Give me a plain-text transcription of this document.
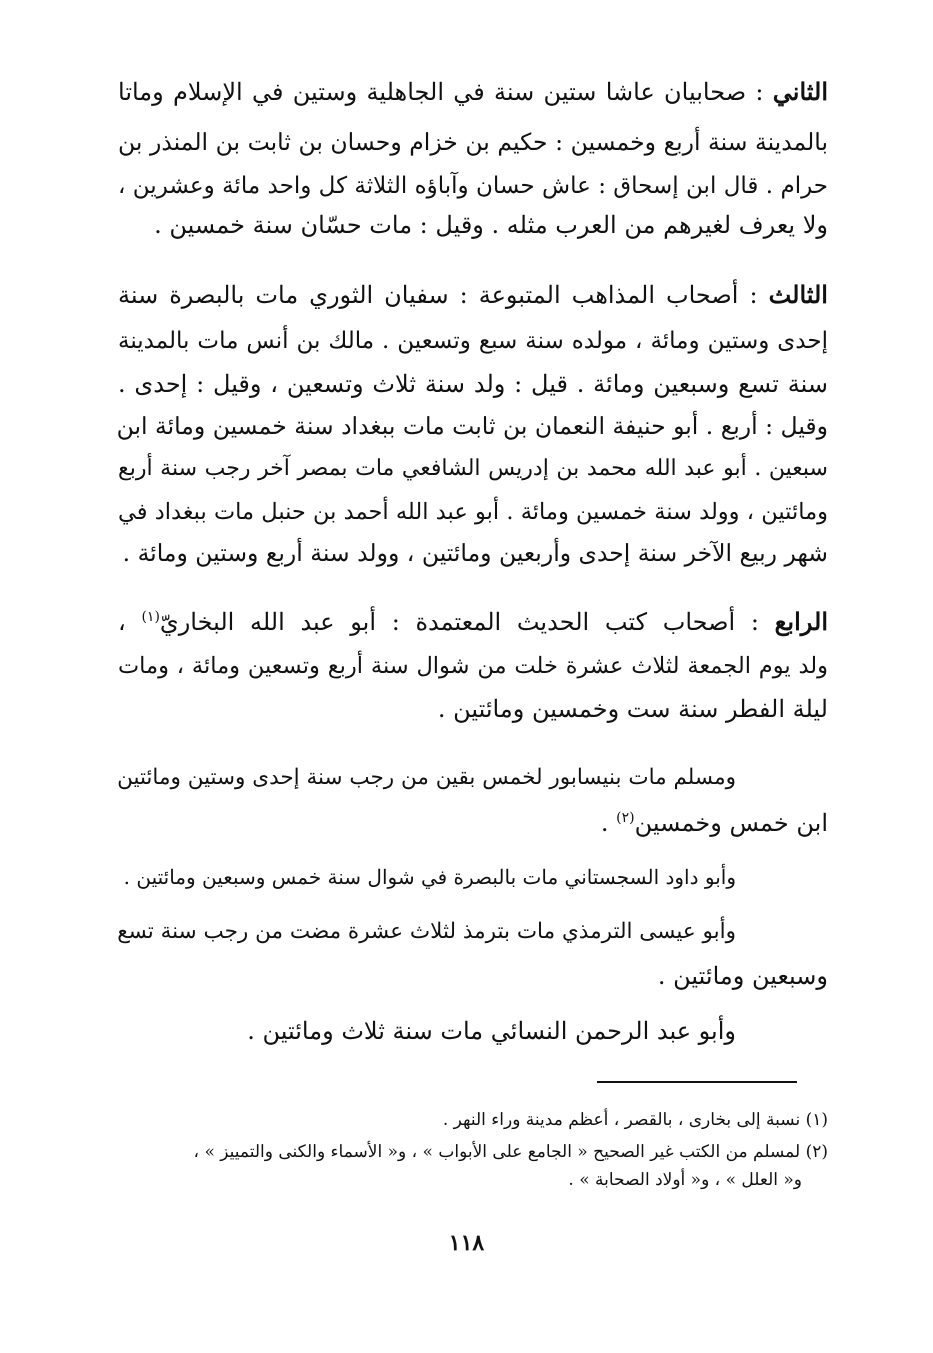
الثاني : صحابيان عاشا ستين سنة في الجاهلية وستين في الإسلام وماتا
بالمدينة سنة أربع وخمسين : حكيم بن خزام وحسان بن ثابت بن المنذر بن
حرام . قال ابن إسحاق : عاش حسان وآباؤه الثلاثة كل واحد مائة وعشرين ،
ولا يعرف لغيرهم من العرب مثله . وقيل : مات حسّان سنة خمسين .
الثالث : أصحاب المذاهب المتبوعة : سفيان الثوري مات بالبصرة سنة
إحدى وستين ومائة ، مولده سنة سبع وتسعين . مالك بن أنس مات بالمدينة
سنة تسع وسبعين ومائة . قيل : ولد سنة ثلاث وتسعين ، وقيل : إحدى .
وقيل : أربع . أبو حنيفة النعمان بن ثابت مات ببغداد سنة خمسين ومائة ابن
سبعين . أبو عبد الله محمد بن إدريس الشافعي مات بمصر آخر رجب سنة أربع
ومائتين ، وولد سنة خمسين ومائة . أبو عبد الله أحمد بن حنبل مات ببغداد في
شهر ربيع الآخر سنة إحدى وأربعين ومائتين ، وولد سنة أربع وستين ومائة .
الرابع : أصحاب كتب الحديث المعتمدة : أبو عبد الله البخاريّ$^{(١)}$ ،
ولد يوم الجمعة لثلاث عشرة خلت من شوال سنة أربع وتسعين ومائة ، ومات
ليلة الفطر سنة ست وخمسين ومائتين .
ومسلم مات بنيسابور لخمس بقين من رجب سنة إحدى وستين ومائتين
ابن خمس وخمسين$^{(٢)}$ .
وأبو داود السجستاني مات بالبصرة في شوال سنة خمس وسبعين ومائتين .
وأبو عيسى الترمذي مات بترمذ لثلاث عشرة مضت من رجب سنة تسع
وسبعين ومائتين .
وأبو عبد الرحمن النسائي مات سنة ثلاث ومائتين .
(١) نسبة إلى بخارى ، بالقصر ، أعظم مدينة وراء النهر .
(٢) لمسلم من الكتب غير الصحيح « الجامع على الأبواب » ، و« الأسماء والكنى والتمييز » ،
و« العلل » ، و« أولاد الصحابة » .
١١٨
